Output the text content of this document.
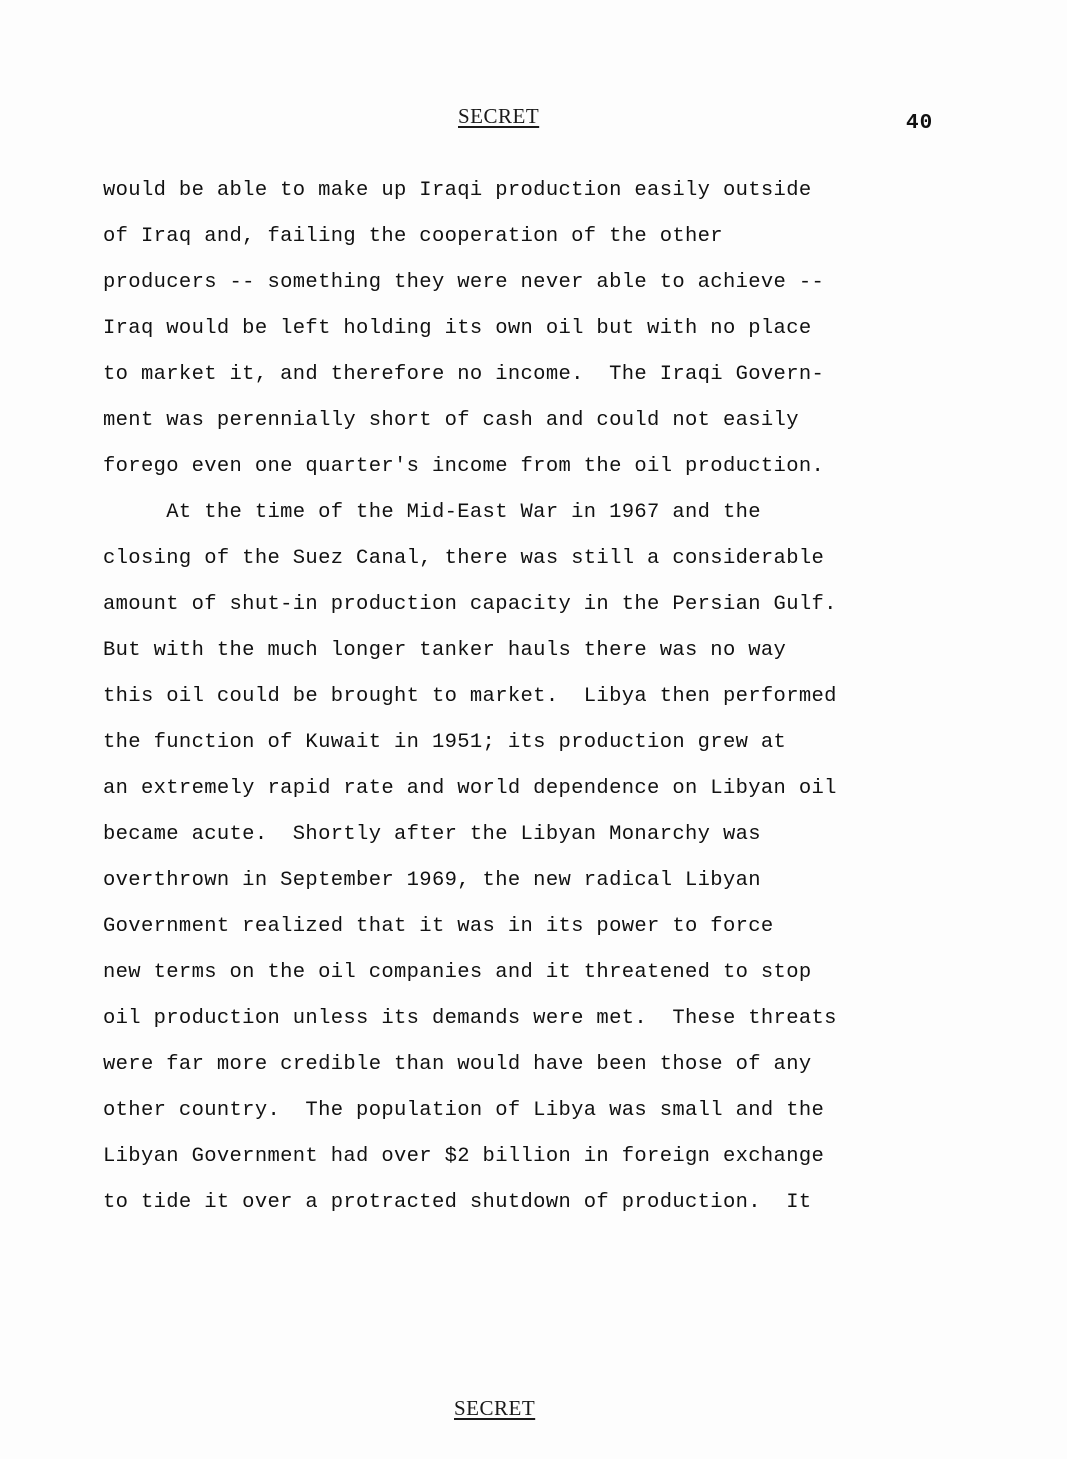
SECRET	40
would be able to make up Iraqi production easily outside
of Iraq and, failing the cooperation of the other
producers -- something they were never able to achieve --
Iraq would be left holding its own oil but with no place
to market it, and therefore no income.  The Iraqi Govern-
ment was perennially short of cash and could not easily
forego even one quarter's income from the oil production.
At the time of the Mid-East War in 1967 and the
closing of the Suez Canal, there was still a considerable
amount of shut-in production capacity in the Persian Gulf.
But with the much longer tanker hauls there was no way
this oil could be brought to market.  Libya then performed
the function of Kuwait in 1951; its production grew at
an extremely rapid rate and world dependence on Libyan oil
became acute.  Shortly after the Libyan Monarchy was
overthrown in September 1969, the new radical Libyan
Government realized that it was in its power to force
new terms on the oil companies and it threatened to stop
oil production unless its demands were met.  These threats
were far more credible than would have been those of any
other country.  The population of Libya was small and the
Libyan Government had over $2 billion in foreign exchange
to tide it over a protracted shutdown of production.  It
SECRET
